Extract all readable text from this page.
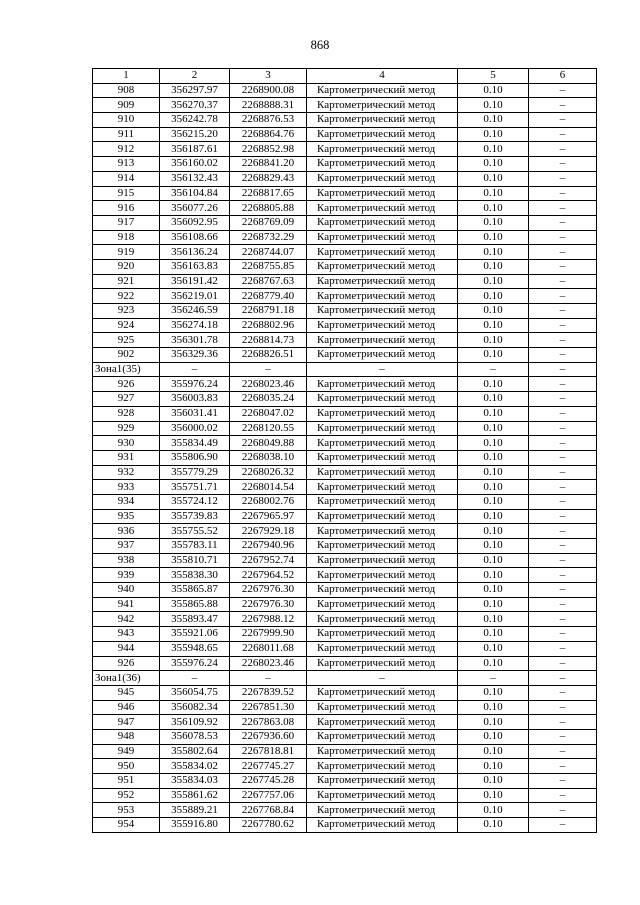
868
1	2	3	4	5	6
908	356297.97	2268900.08	Картометрический метод	0.10	–
909	356270.37	2268888.31	Картометрический метод	0.10	–
910	356242.78	2268876.53	Картометрический метод	0.10	–
911	356215.20	2268864.76	Картометрический метод	0.10	–
912	356187.61	2268852.98	Картометрический метод	0.10	–
913	356160.02	2268841.20	Картометрический метод	0.10	–
914	356132.43	2268829.43	Картометрический метод	0.10	–
915	356104.84	2268817.65	Картометрический метод	0.10	–
916	356077.26	2268805.88	Картометрический метод	0.10	–
917	356092.95	2268769.09	Картометрический метод	0.10	–
918	356108.66	2268732.29	Картометрический метод	0.10	–
919	356136.24	2268744.07	Картометрический метод	0.10	–
920	356163.83	2268755.85	Картометрический метод	0.10	–
921	356191.42	2268767.63	Картометрический метод	0.10	–
922	356219.01	2268779.40	Картометрический метод	0.10	–
923	356246.59	2268791.18	Картометрический метод	0.10	–
924	356274.18	2268802.96	Картометрический метод	0.10	–
925	356301.78	2268814.73	Картометрический метод	0.10	–
902	356329.36	2268826.51	Картометрический метод	0.10	–
Зона1(35)	–	–	–	–	–
926	355976.24	2268023.46	Картометрический метод	0.10	–
927	356003.83	2268035.24	Картометрический метод	0.10	–
928	356031.41	2268047.02	Картометрический метод	0.10	–
929	356000.02	2268120.55	Картометрический метод	0.10	–
930	355834.49	2268049.88	Картометрический метод	0.10	–
931	355806.90	2268038.10	Картометрический метод	0.10	–
932	355779.29	2268026.32	Картометрический метод	0.10	–
933	355751.71	2268014.54	Картометрический метод	0.10	–
934	355724.12	2268002.76	Картометрический метод	0.10	–
935	355739.83	2267965.97	Картометрический метод	0.10	–
936	355755.52	2267929.18	Картометрический метод	0.10	–
937	355783.11	2267940.96	Картометрический метод	0.10	–
938	355810.71	2267952.74	Картометрический метод	0.10	–
939	355838.30	2267964.52	Картометрический метод	0.10	–
940	355865.87	2267976.30	Картометрический метод	0.10	–
941	355865.88	2267976.30	Картометрический метод	0.10	–
942	355893.47	2267988.12	Картометрический метод	0.10	–
943	355921.06	2267999.90	Картометрический метод	0.10	–
944	355948.65	2268011.68	Картометрический метод	0.10	–
926	355976.24	2268023.46	Картометрический метод	0.10	–
Зона1(36)	–	–	–	–	–
945	356054.75	2267839.52	Картометрический метод	0.10	–
946	356082.34	2267851.30	Картометрический метод	0.10	–
947	356109.92	2267863.08	Картометрический метод	0.10	–
948	356078.53	2267936.60	Картометрический метод	0.10	–
949	355802.64	2267818.81	Картометрический метод	0.10	–
950	355834.02	2267745.27	Картометрический метод	0.10	–
951	355834.03	2267745.28	Картометрический метод	0.10	–
952	355861.62	2267757.06	Картометрический метод	0.10	–
953	355889.21	2267768.84	Картометрический метод	0.10	–
954	355916.80	2267780.62	Картометрический метод	0.10	–
